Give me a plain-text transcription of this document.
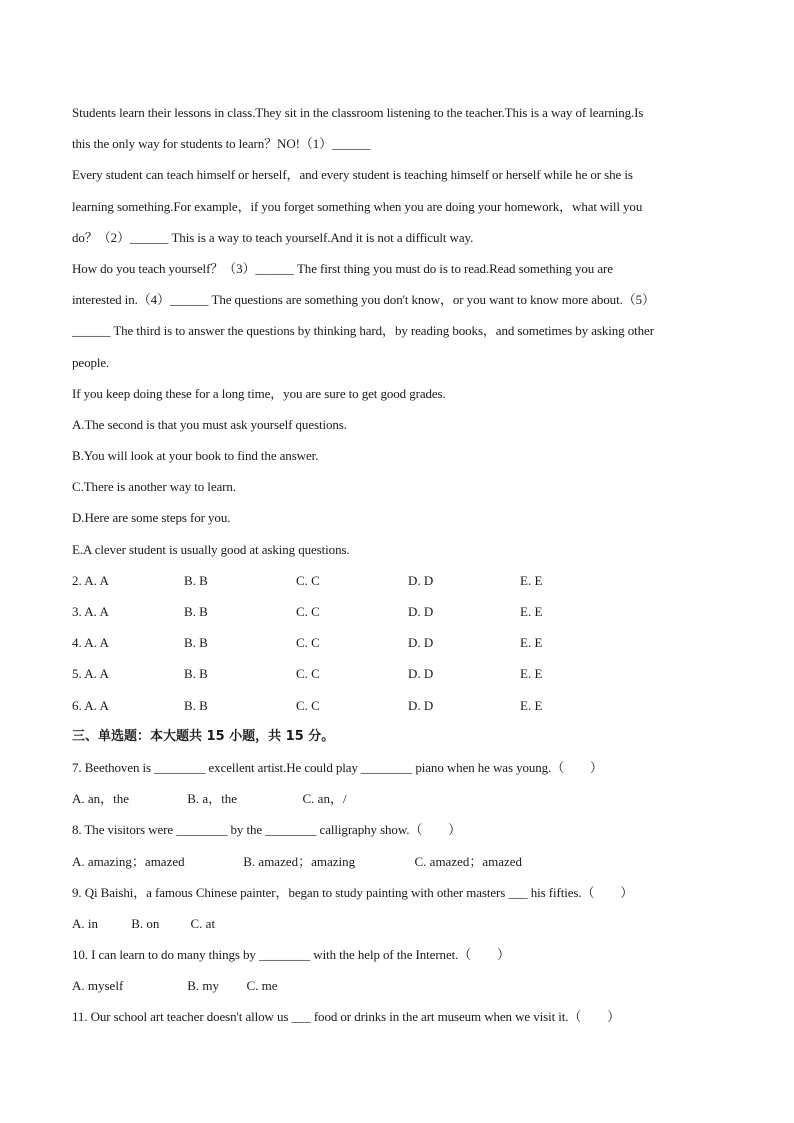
Students learn their lessons in class.They sit in the classroom listening to the teacher.This is a way of learning.Is
this the only way for students to learn？NO!（1）______
Every student can teach himself or herself，and every student is teaching himself or herself while he or she is
learning something.For example，if you forget something when you are doing your homework，what will you
do？（2）______ This is a way to teach yourself.And it is not a difficult way.
How do you teach yourself？（3）______ The first thing you must do is to read.Read something you are
interested in.（4）______ The questions are something you don't know，or you want to know more about.（5）
______ The third is to answer the questions by thinking hard，by reading books，and sometimes by asking other
people.
If you keep doing these for a long time，you are sure to get good grades.
A.The second is that you must ask yourself questions.
B.You will look at your book to find the answer.
C.There is another way to learn.
D.Here are some steps for you.
E.A clever student is usually good at asking questions.
2. A. A	B. B	C. C	D. D	E. E
3. A. A	B. B	C. C	D. D	E. E
4. A. A	B. B	C. C	D. D	E. E
5. A. A	B. B	C. C	D. D	E. E
6. A. A	B. B	C. C	D. D	E. E
三、单选题：本大题共 15 小题，共 15 分。
7. Beethoven is ________ excellent artist.He could play ________ piano when he was young.（　　）
A. an，the	B. a，the	C. an，/
8. The visitors were ________ by the ________ calligraphy show.（　　）
A. amazing；amazed	B. amazed；amazing	C. amazed；amazed
9. Qi Baishi，a famous Chinese painter，began to study painting with other masters ___ his fifties.（　　）
A. in	B. on C. at
10. I can learn to do many things by ________ with the help of the Internet.（　　）
A. myself	B. my C. me
11. Our school art teacher doesn't allow us ___ food or drinks in the art museum when we visit it.（　　）
